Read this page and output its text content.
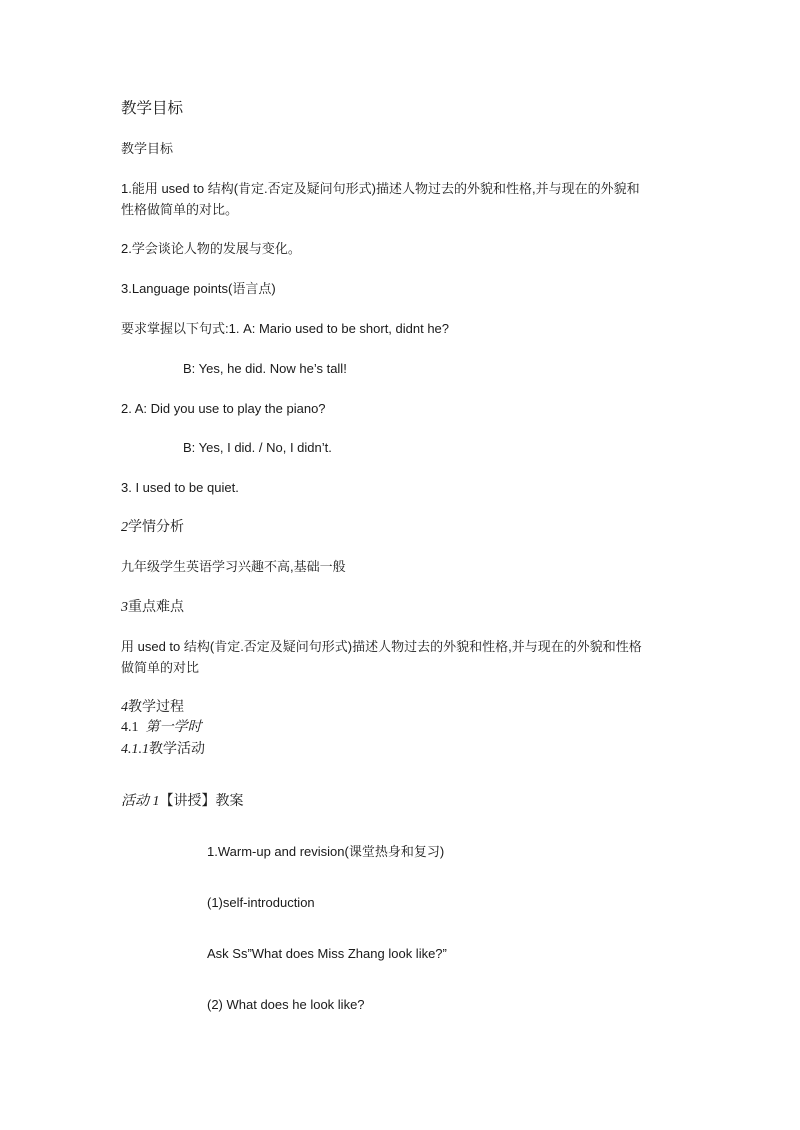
教学目标

教学目标

1.能用 used to 结构(肯定.否定及疑问句形式)描述人物过去的外貌和性格,并与现在的外貌和

性格做简单的对比。

2.学会谈论人物的发展与变化。

3.Language points(语言点)

要求掌握以下句式:1. A: Mario used to be short, didnt he?

B: Yes, he did. Now he’s tall!

2. A: Did you use to play the piano?

B: Yes, I did. / No, I didn’t.

3. I used to be quiet.

2学情分析

九年级学生英语学习兴趣不高,基础一般

3重点难点

用 used to 结构(肯定.否定及疑问句形式)描述人物过去的外貌和性格,并与现在的外貌和性格

做简单的对比

4教学过程

4.1 第一学时

4.1.1教学活动

活动 1【讲授】教案

1.Warm-up and revision(课堂热身和复习)

(1)self-introduction

Ask Ss”What does Miss Zhang look like?”

(2) What does he look like?
